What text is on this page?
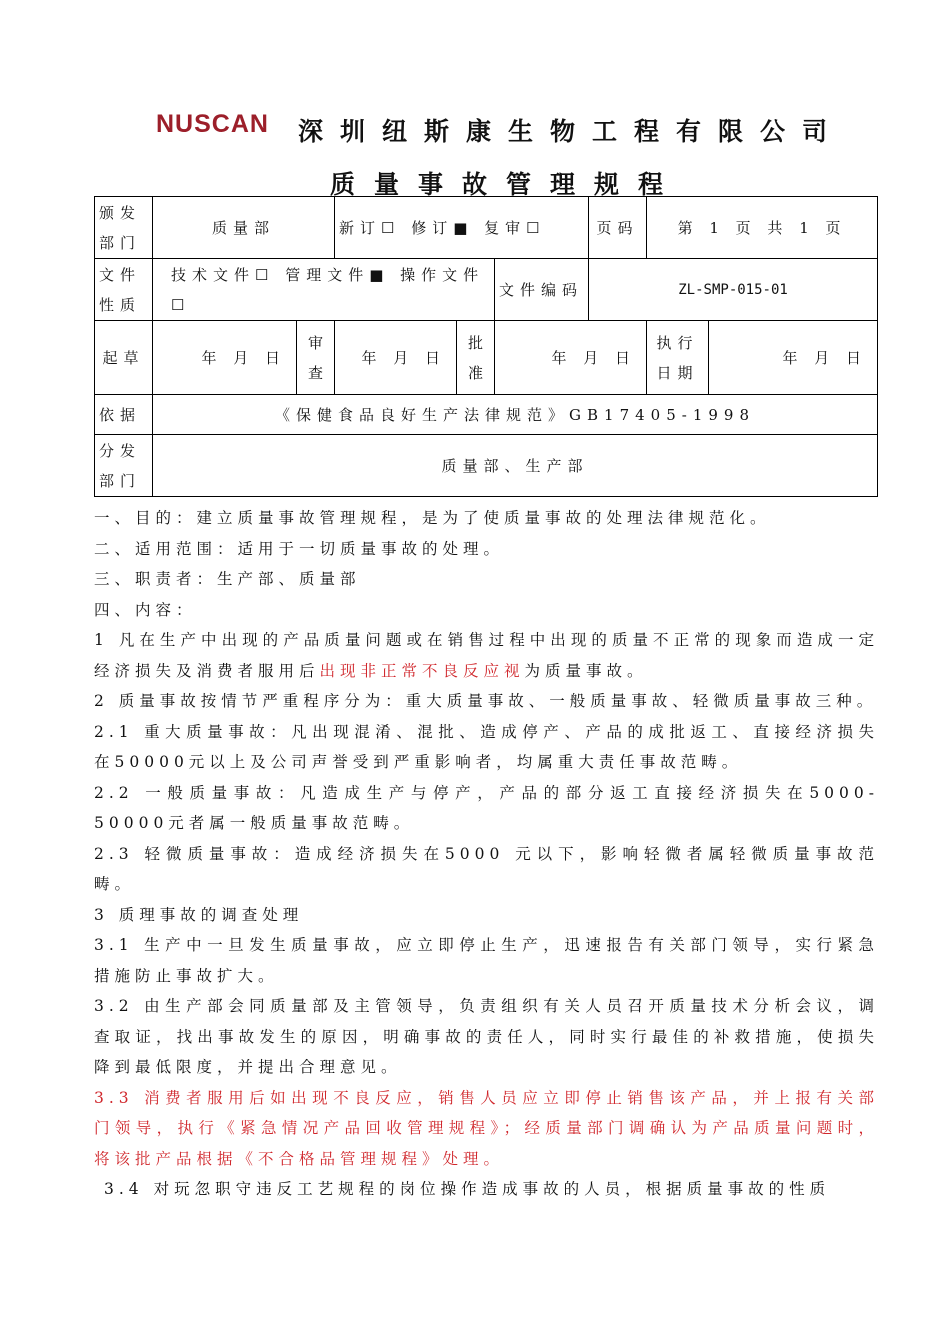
NUSCAN 深圳纽斯康生物工程有限公司
质量事故管理规程
颁发部门	质量部		新订☐ 修订■ 复审☐			页码	第 1 页 共 1 页	
文件性质	技术文件☐ 管理文件■ 操作文件☐				文件编码	ZL-SMP-015-01		
起草	年 月 日	审查	年 月 日	批准	年 月 日		执行日期	年 月 日
依据	《保健食品良好生产法律规范》GB17405-1998							
分发部门	质量部、生产部							

一、目的：建立质量事故管理规程，是为了使质量事故的处理法律规范化。

二、适用范围：适用于一切质量事故的处理。

三、职责者：生产部、质量部

四、内容：

1 凡在生产中出现的产品质量问题或在销售过程中出现的质量不正常的现象而造成一定经济损失及消费者服用后出现非正常不良反应视为质量事故。

2 质量事故按情节严重程序分为：重大质量事故、一般质量事故、轻微质量事故三种。

2.1 重大质量事故：凡出现混淆、混批、造成停产、产品的成批返工、直接经济损失在50000元以上及公司声誉受到严重影响者，均属重大责任事故范畴。

2.2 一般质量事故：凡造成生产与停产，产品的部分返工直接经济损失在5000-50000元者属一般质量事故范畴。

2.3 轻微质量事故：造成经济损失在5000 元以下，影响轻微者属轻微质量事故范畴。

3 质理事故的调查处理

3.1 生产中一旦发生质量事故，应立即停止生产，迅速报告有关部门领导，实行紧急措施防止事故扩大。

3.2 由生产部会同质量部及主管领导，负责组织有关人员召开质量技术分析会议，调查取证，找出事故发生的原因，明确事故的责任人，同时实行最佳的补救措施，使损失降到最低限度，并提出合理意见。

3.3 消费者服用后如出现不良反应，销售人员应立即停止销售该产品，并上报有关部门领导，执行《紧急情况产品回收管理规程》；经质量部门调确认为产品质量问题时，将该批产品根据《不合格品管理规程》处理。

3.4 对玩忽职守违反工艺规程的岗位操作造成事故的人员，根据质量事故的性质
